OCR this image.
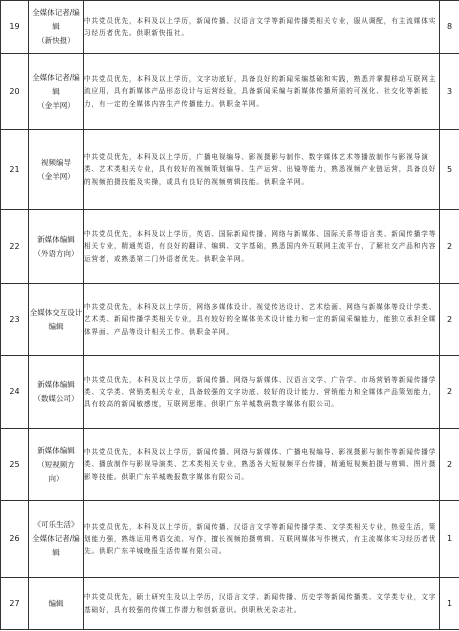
19	全媒体记者/编
辑
（新快报）	中共党员优先，本科及以上学历，新闻传播、汉语言文学等新闻传播类相关专业，服从调配，有主流媒体实习经历者优先。供职新快报社。	8
20	全媒体记者/编
辑
（金羊网）	中共党员优先，本科及以上学历，文字功底好，具备良好的新闻采编基础和实践，熟悉并掌握移动互联网主流应用，具有新媒体产品形态设计与运营经验，具备新闻采编与新媒体传播所需的可视化、社交化等新能力，有一定的全媒体内容生产传播能力。供职金羊网。	3
21	视频编导
（金羊网）	中共党员优先，本科及以上学历，广播电视编导、影视摄影与制作、数字媒体艺术等播放制作与影视导演类、艺术类相关专业，具有较好的视频策划编导、生产运营、出镜等能力，熟悉视频产业链运营，具备良好的视频拍摄技能及实操，或具有良好的视频剪辑技能。供职金羊网。	5
22	新媒体编辑
（外语方向）	中共党员优先，本科及以上学历，英语、国际新闻传播、网络与新媒体、国际关系等语言类、新闻传播学等相关专业，精通英语，有良好的翻译、编辑、文字基础，熟悉国内外互联网主流平台，了解社交产品和内容运营者，或熟悉第二门外语者优先。供职金羊网。	2
23	全媒体交互设计
编辑	中共党员优先，本科及以上学历，网络多媒体设计、视觉传达设计、艺术绘画、网络与新媒体等设计学类、艺术类、新闻传播学类相关专业，具有较好的全媒体美术设计能力和一定的新闻采编能力，能独立承担全媒体界面、产品等设计相关工作。供职金羊网。	2
24	新媒体编辑
（数媒公司）	中共党员优先，本科及以上学历，新闻传播、网络与新媒体、汉语言文学、广告学、市场营销等新闻传播学类、文学类、营销类相关专业，具备较强的文字功底、较好的设计能力、营销能力和全媒体产品策划能力，具有较高的新闻敏感度，互联网思维。供职广东羊城数码数字媒体有限公司。	2
25	新媒体编辑
（短视频方
向）	中共党员优先，本科及以上学历，新闻传播、网络与新媒体、广播电视编导、影视摄影与制作等新闻传播学类、播放制作与影视导演类、艺术类相关专业，熟悉各大短视频平台传播，精通短视频拍摄与剪辑、图片摄影等技能。供职广东羊城晚报数字媒体有限公司。	2
26	《可乐生活》
全媒体记者/编
辑	中共党员优先，本科及以上学历，新闻传播、汉语言文学等新闻传播学类、文学类相关专业，热爱生活，策划能力强，熟练运用粤语交流、写作，擅长视频拍摄剪辑、互联网媒体写作模式，有主流媒体实习经历者优先。供职广东羊城晚报生活传媒有限公司。	1
27	编辑	中共党员优先，硕士研究生及以上学历，汉语言文学、新闻传播、历史学等新闻传播类、文学类专业，文字基础好，具有较强的传媒工作潜力和创新意识。供职秋光杂志社。	1
